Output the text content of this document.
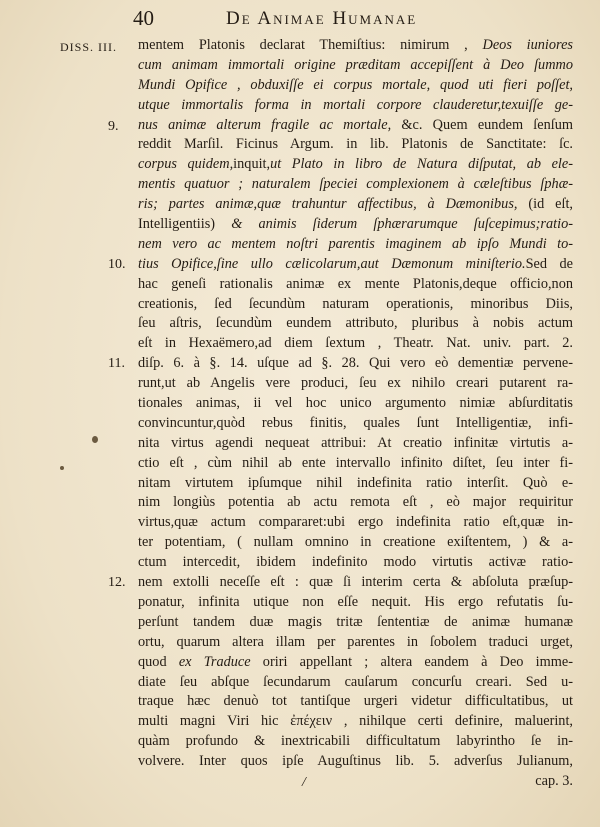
40	De Animae Humanae
DISS. III.
9.
10.
11.
12.
mentem Platonis declarat Themiſtius: nimirum , Deos iuniores
cum animam immortali origine præditam accepiſſent à Deo ſummo
Mundi Opifice , obduxiſſe ei corpus mortale, quod uti fieri poſſet,
utque immortalis forma in mortali corpore clauderetur,texuiſſe ge-
nus animæ alterum fragile ac mortale, &c. Quem eundem ſenſum
reddit Marſil. Ficinus Argum. in lib. Platonis de Sanctitate: ſc.
corpus quidem,inquit,ut Plato in libro de Natura diſputat, ab ele-
mentis quatuor ; naturalem ſpeciei complexionem à cæleſtibus ſphæ-
ris; partes animæ,quæ trahuntur affectibus, à Dæmonibus, (id eſt,
Intelligentiis) & animis ſiderum ſphærarumque ſuſcepimus;ratio-
nem vero ac mentem noſtri parentis imaginem ab ipſo Mundi to-
tius Opifice,ſine ullo cælicolarum,aut Dæmonum miniſterio.Sed de
hac geneſi rationalis animæ ex mente Platonis,deque officio,non
creationis, ſed ſecundùm naturam operationis, minoribus Diis,
ſeu aſtris, ſecundùm eundem attributo, pluribus à nobis actum
eſt in Hexaëmero,ad diem ſextum , Theatr. Nat. univ. part. 2.
diſp. 6. à §. 14. uſque ad §. 28. Qui vero eò dementiæ pervene-
runt,ut ab Angelis vere produci, ſeu ex nihilo creari putarent ra-
tionales animas, ii vel hoc unico argumento nimiæ abſurditatis
convincuntur,quòd rebus finitis, quales ſunt Intelligentiæ, infi-
nita virtus agendi nequeat attribui: At creatio infinitæ virtutis a-
ctio eſt , cùm nihil ab ente intervallo infinito diſtet, ſeu inter fi-
nitam virtutem ipſumque nihil indefinita ratio interſit. Quò e-
nim longiùs potentia ab actu remota eſt , eò major requiritur
virtus,quæ actum compararet:ubi ergo indefinita ratio eſt,quæ in-
ter potentiam, ( nullam omnino in creatione exiſtentem, ) & a-
ctum intercedit, ibidem indefinito modo virtutis activæ ratio-
nem extolli neceſſe eſt : quæ ſi interim certa & abſoluta præſup-
ponatur, infinita utique non eſſe nequit. His ergo refutatis ſu-
perſunt tandem duæ magis tritæ ſententiæ de animæ humanæ
ortu, quarum altera illam per parentes in ſobolem traduci urget,
quod ex Traduce oriri appellant ; altera eandem à Deo imme-
diate ſeu abſque ſecundarum cauſarum concurſu creari. Sed u-
traque hæc denuò tot tantiſque urgeri videtur difficultatibus, ut
multi magni Viri hic ἐπέχειν , nihilque certi definire, maluerint,
quàm profundo & inextricabili difficultatum labyrintho ſe in-
volvere. Inter quos ipſe Auguſtinus lib. 5. adverſus Julianum,
cap. 3.
/
